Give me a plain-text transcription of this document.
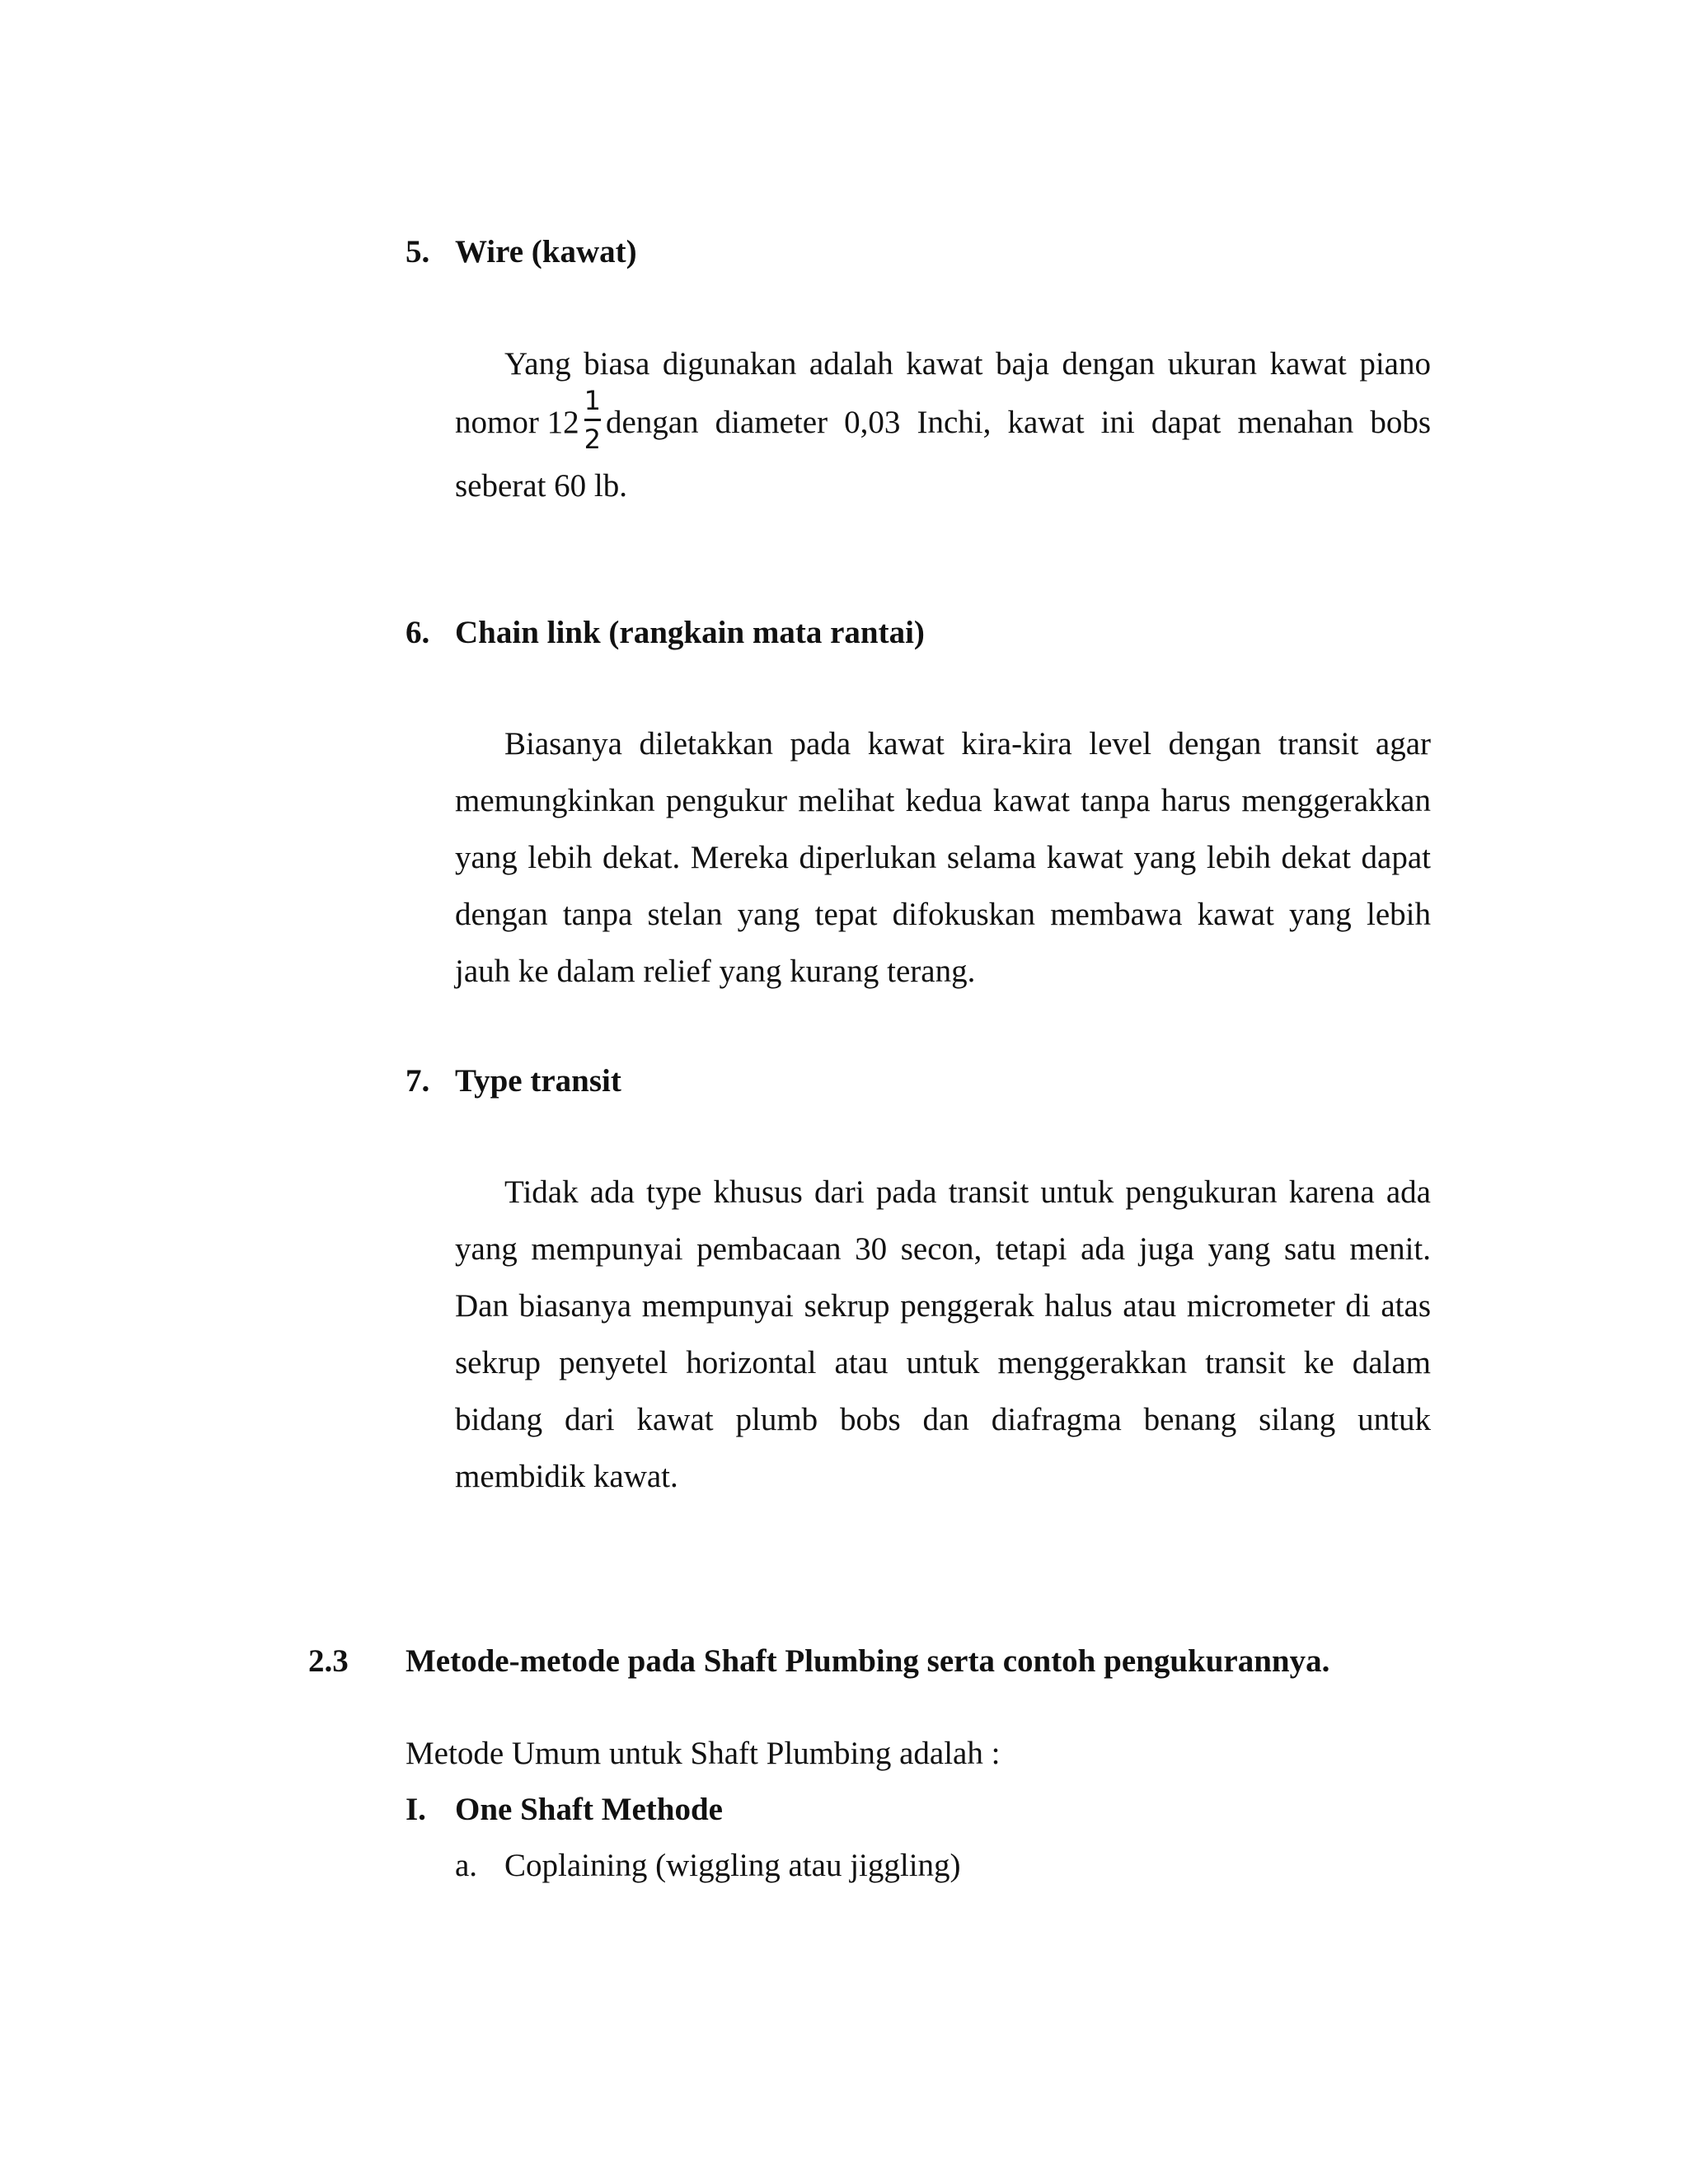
5. Wire (kawat)
Yang biasa digunakan adalah kawat baja dengan ukuran kawat piano
nomor $12 \frac{1}{2}$ dengan diameter 0,03 Inchi, kawat ini dapat menahan bobs
seberat 60 lb.
6. Chain link (rangkain mata rantai)

Biasanya diletakkan pada kawat kira-kira level dengan transit agar memungkinkan pengukur melihat kedua kawat tanpa harus menggerakkan yang lebih dekat. Mereka diperlukan selama kawat yang lebih dekat dapat dengan tanpa stelan yang tepat difokuskan membawa kawat yang lebih jauh ke dalam relief yang kurang terang.

7. Type transit

Tidak ada type khusus dari pada transit untuk pengukuran karena ada yang mempunyai pembacaan 30 secon, tetapi ada juga yang satu menit. Dan biasanya mempunyai sekrup penggerak halus atau micrometer di atas sekrup penyetel horizontal atau untuk menggerakkan transit ke dalam bidang dari kawat plumb bobs dan diafragma benang silang untuk membidik kawat.

2.3 Metode-metode pada Shaft Plumbing serta contoh pengukurannya.
Metode Umum untuk Shaft Plumbing adalah :
I. One Shaft Methode
a. Coplaining (wiggling atau jiggling)
